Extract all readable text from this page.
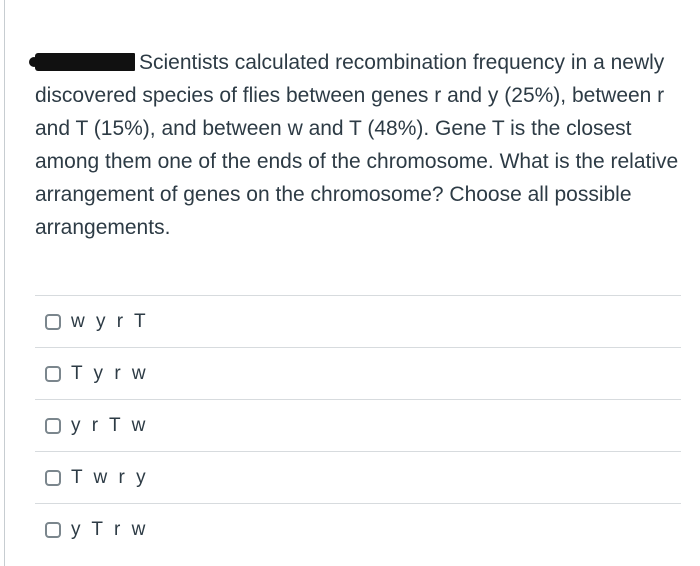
Scientists calculated recombination frequency in a newly discovered species of flies between genes r and y (25%), between r and T (15%), and between w and T (48%). Gene T is the closest among them one of the ends of the chromosome. What is the relative arrangement of genes on the chromosome? Choose all possible arrangements.

w y r T
T y r w
y r T w
T w r y
y T r w
